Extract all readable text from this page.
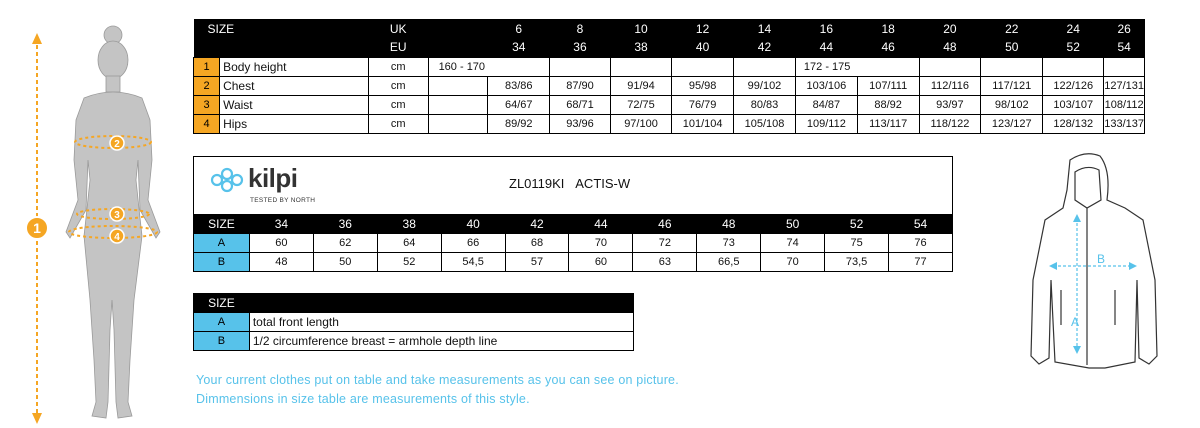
1
2
3
4
SIZE		UK		6	8	10	12	14	16	18	20	22	24	26
		EU		34	36	38	40	42	44	46	48	50	52	54
1	Body height	cm	160 - 170						172 - 175					
2	Chest	cm		83/86	87/90	91/94	95/98	99/102	103/106	107/111	112/116	117/121	122/126	127/131
3	Waist	cm		64/67	68/71	72/75	76/79	80/83	84/87	88/92	93/97	98/102	103/107	108/112
4	Hips	cm		89/92	93/96	97/100	101/104	105/108	109/112	113/117	118/122	123/127	128/132	133/137
kilpi
TESTED BY NORTH
ZL0119KI ACTIS-W
SIZE	34	36	38	40	42	44	46	48	50	52	54
A	60	62	64	66	68	70	72	73	74	75	76
B	48	50	52	54,5	57	60	63	66,5	70	73,5	77
SIZE	
A	total front length
B	1/2 circumference breast = armhole depth line
Your current clothes put on table and take measurements as you can see on picture.
Dimmensions in size table are measurements of this style.
A
B
